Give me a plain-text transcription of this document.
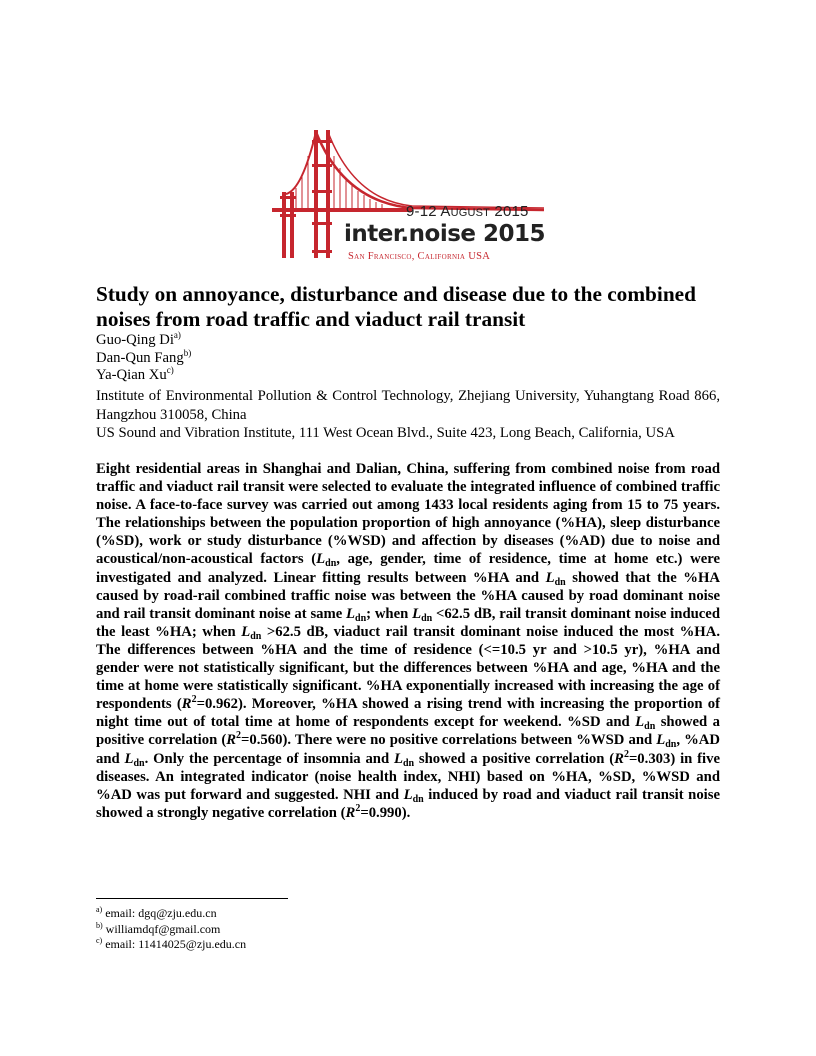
9-12 August 2015
inter.noise 2015
San Francisco, California USA
Study on annoyance, disturbance and disease due to the combined noises from road traffic and viaduct rail transit
Guo-Qing Di$^{a)}$
Dan-Qun Fang$^{b)}$
Ya-Qian Xu$^{c)}$

Institute of Environmental Pollution & Control Technology, Zhejiang University, Yuhangtang Road 866, Hangzhou 310058, China

US Sound and Vibration Institute, 111 West Ocean Blvd., Suite 423, Long Beach, California, USA

Eight residential areas in Shanghai and Dalian, China, suffering from combined noise from road traffic and viaduct rail transit were selected to evaluate the integrated influence of combined traffic noise. A face-to-face survey was carried out among 1433 local residents aging from 15 to 75 years. The relationships between the population proportion of high annoyance (%HA), sleep disturbance (%SD), work or study disturbance (%WSD) and affection by diseases (%AD) due to noise and acoustical/non-acoustical factors ($L_{dn}$, age, gender, time of residence, time at home etc.) were investigated and analyzed. Linear fitting results between %HA and $L_{dn}$ showed that the %HA caused by road-rail combined traffic noise was between the %HA caused by road dominant noise and rail transit dominant noise at same $L_{dn}$; when $L_{dn} <62.5$ dB, rail transit dominant noise induced the least %HA; when $L_{dn} >62.5$ dB, viaduct rail transit dominant noise induced the most %HA. The differences between %HA and the time of residence (<=10.5 yr and >10.5 yr), %HA and gender were not statistically significant, but the differences between %HA and age, %HA and the time at home were statistically significant. %HA exponentially increased with increasing the age of respondents $(R^2=0.962)$. Moreover, %HA showed a rising trend with increasing the proportion of night time out of total time at home of respondents except for weekend. %SD and $L_{dn}$ showed a positive correlation $(R^2=0.560)$. There were no positive correlations between %WSD and $L_{dn}$, %AD and $L_{dn}$. Only the percentage of insomnia and $L_{dn}$ showed a positive correlation $(R^2=0.303)$ in five diseases. An integrated indicator (noise health index, NHI) based on %HA, %SD, %WSD and %AD was put forward and suggested. NHI and $L_{dn}$ induced by road and viaduct rail transit noise showed a strongly negative correlation $(R^2=0.990)$.

$^{a)}$ email: dgq@zju.edu.cn
$^{b)}$ williamdqf@gmail.com
$^{c)}$ email: 11414025@zju.edu.cn
